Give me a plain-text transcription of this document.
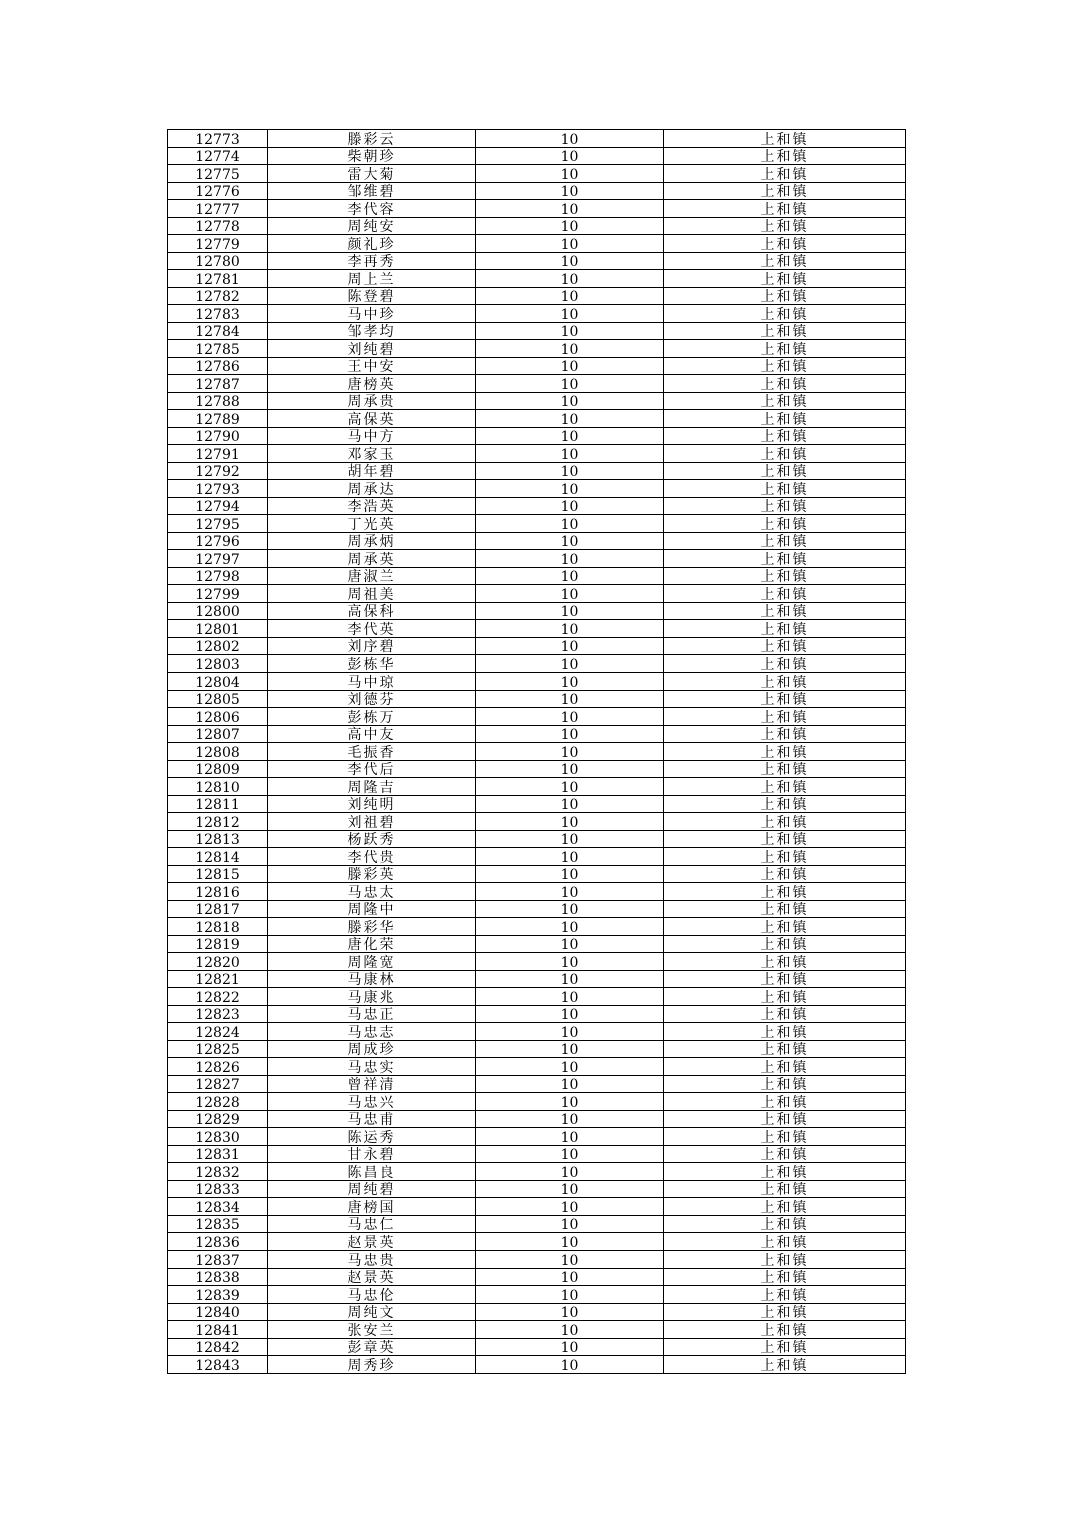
12773	滕彩云	10	上和镇
12774	柴朝珍	10	上和镇
12775	雷大菊	10	上和镇
12776	邹维碧	10	上和镇
12777	李代容	10	上和镇
12778	周纯安	10	上和镇
12779	颜礼珍	10	上和镇
12780	李再秀	10	上和镇
12781	周上兰	10	上和镇
12782	陈登碧	10	上和镇
12783	马中珍	10	上和镇
12784	邹孝均	10	上和镇
12785	刘纯碧	10	上和镇
12786	王中安	10	上和镇
12787	唐榜英	10	上和镇
12788	周承贵	10	上和镇
12789	高保英	10	上和镇
12790	马中方	10	上和镇
12791	邓家玉	10	上和镇
12792	胡年碧	10	上和镇
12793	周承达	10	上和镇
12794	李浩英	10	上和镇
12795	丁光英	10	上和镇
12796	周承炳	10	上和镇
12797	周承英	10	上和镇
12798	唐淑兰	10	上和镇
12799	周祖美	10	上和镇
12800	高保科	10	上和镇
12801	李代英	10	上和镇
12802	刘序碧	10	上和镇
12803	彭栋华	10	上和镇
12804	马中琼	10	上和镇
12805	刘德芬	10	上和镇
12806	彭栋万	10	上和镇
12807	高中友	10	上和镇
12808	毛振香	10	上和镇
12809	李代后	10	上和镇
12810	周隆吉	10	上和镇
12811	刘纯明	10	上和镇
12812	刘祖碧	10	上和镇
12813	杨跃秀	10	上和镇
12814	李代贵	10	上和镇
12815	滕彩英	10	上和镇
12816	马忠太	10	上和镇
12817	周隆中	10	上和镇
12818	滕彩华	10	上和镇
12819	唐化荣	10	上和镇
12820	周隆宽	10	上和镇
12821	马康林	10	上和镇
12822	马康兆	10	上和镇
12823	马忠正	10	上和镇
12824	马忠志	10	上和镇
12825	周成珍	10	上和镇
12826	马忠实	10	上和镇
12827	曾祥清	10	上和镇
12828	马忠兴	10	上和镇
12829	马忠甫	10	上和镇
12830	陈运秀	10	上和镇
12831	甘永碧	10	上和镇
12832	陈昌良	10	上和镇
12833	周纯碧	10	上和镇
12834	唐榜国	10	上和镇
12835	马忠仁	10	上和镇
12836	赵景英	10	上和镇
12837	马忠贵	10	上和镇
12838	赵景英	10	上和镇
12839	马忠伦	10	上和镇
12840	周纯文	10	上和镇
12841	张安兰	10	上和镇
12842	彭章英	10	上和镇
12843	周秀珍	10	上和镇
